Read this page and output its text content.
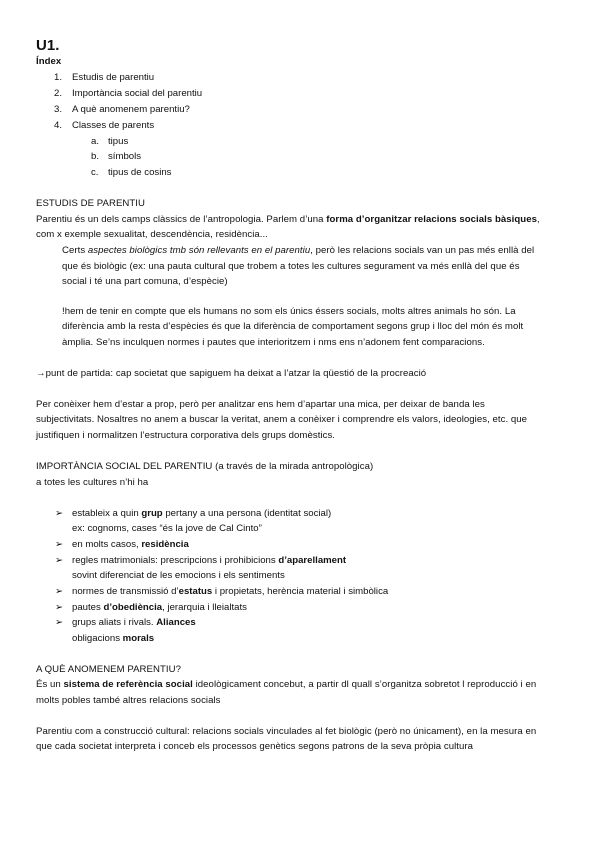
U1.
Índex
1. Estudis de parentiu
2. Importància social del parentiu
3. A què anomenem parentiu?
4. Classes de parents
a. tipus
b. símbols
c. tipus de cosins
ESTUDIS DE PARENTIU
Parentiu és un dels camps clàssics de l’antropologia. Parlem d’una forma d’organitzar relacions socials bàsiques,
com x exemple sexualitat, descendència, residència...
Certs aspectes biològics tmb són rellevants en el parentiu, però les relacions socials van un pas més enllà del
que és biològic (ex: una pauta cultural que trobem a totes les cultures segurament va més enllà del que és
social i té una part comuna, d’espècie)
!hem de tenir en compte que els humans no som els únics éssers socials, molts altres animals ho són. La
diferència amb la resta d’espècies és que la diferència de comportament segons grup i lloc del món és molt
àmplia. Se’ns inculquen normes i pautes que interioritzem i nms ens n’adonem fent comparacions.
→punt de partida: cap societat que sapiguem ha deixat a l’atzar la qüestió de la procreació
Per conèixer hem d’estar a prop, però per analitzar ens hem d’apartar una mica, per deixar de banda les
subjectivitats. Nosaltres no anem a buscar la veritat, anem a conèixer i comprendre els valors, ideologies, etc. que
justifiquen i normalitzen l’estructura corporativa dels grups domèstics.
IMPORTÀNCIA SOCIAL DEL PARENTIU (a través de la mirada antropològica)
a totes les cultures n’hi ha
➢ estableix a quin grup pertany a una persona (identitat social)
ex: cognoms, cases “és la jove de Cal Cinto”
➢ en molts casos, residència
➢ regles matrimonials: prescripcions i prohibicions d’aparellament
sovint diferenciat de les emocions i els sentiments
➢ normes de transmissió d’estatus i propietats, herència material i simbòlica
➢ pautes d’obediència, jerarquia i lleialtats
➢ grups aliats i rivals. Aliances
obligacions morals
A QUÈ ANOMENEM PARENTIU?
És un sistema de referència social ideològicament concebut, a partir dl quall s’organitza sobretot l reproducció i en
molts pobles també altres relacions socials
Parentiu com a construcció cultural: relacions socials vinculades al fet biològic (però no únicament), en la mesura en
que cada societat interpreta i conceb els processos genètics segons patrons de la seva pròpia cultura
